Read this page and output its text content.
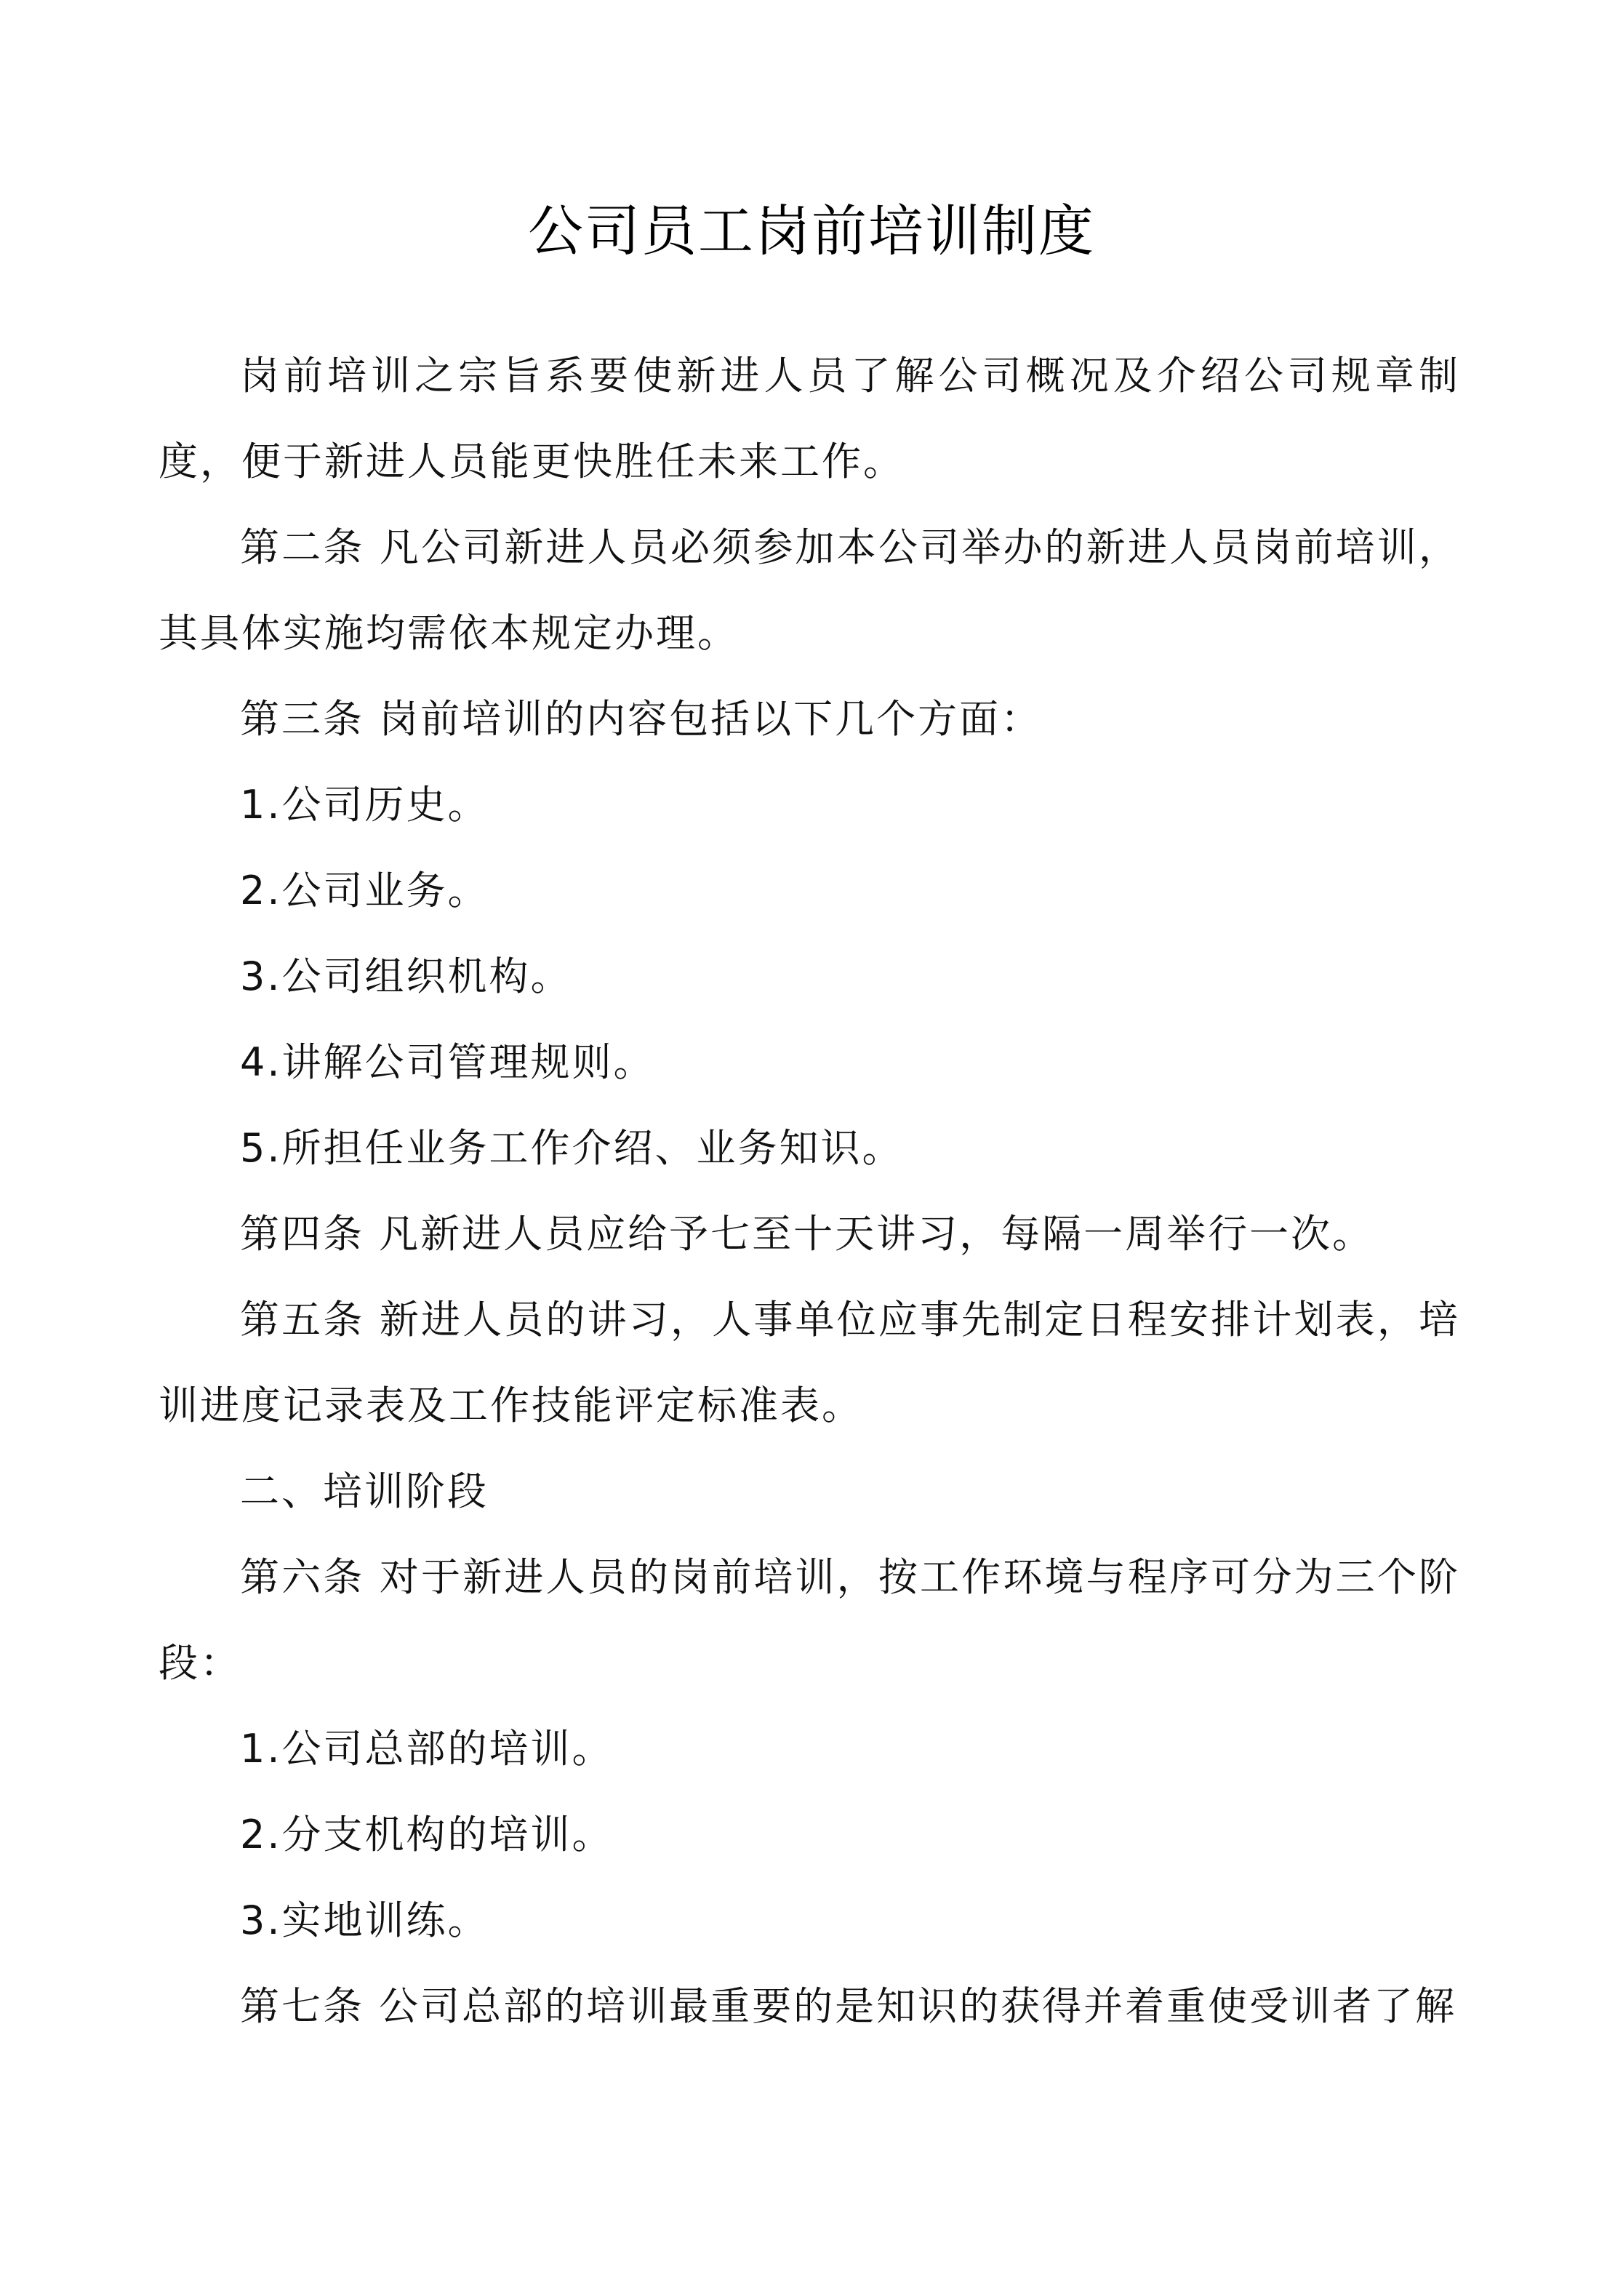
公司员工岗前培训制度

岗前培训之宗旨系要使新进人员了解公司概况及介绍公司规章制度，便于新进人员能更快胜任未来工作。

第二条 凡公司新进人员必须参加本公司举办的新进人员岗前培训，其具体实施均需依本规定办理。

第三条 岗前培训的内容包括以下几个方面：

1.公司历史。

2.公司业务。

3.公司组织机构。

4.讲解公司管理规则。

5.所担任业务工作介绍、业务知识。

第四条 凡新进人员应给予七至十天讲习，每隔一周举行一次。

第五条 新进人员的讲习，人事单位应事先制定日程安排计划表，培训进度记录表及工作技能评定标准表。

二、培训阶段

第六条 对于新进人员的岗前培训，按工作环境与程序可分为三个阶段：

1.公司总部的培训。

2.分支机构的培训。

3.实地训练。

第七条 公司总部的培训最重要的是知识的获得并着重使受训者了解
